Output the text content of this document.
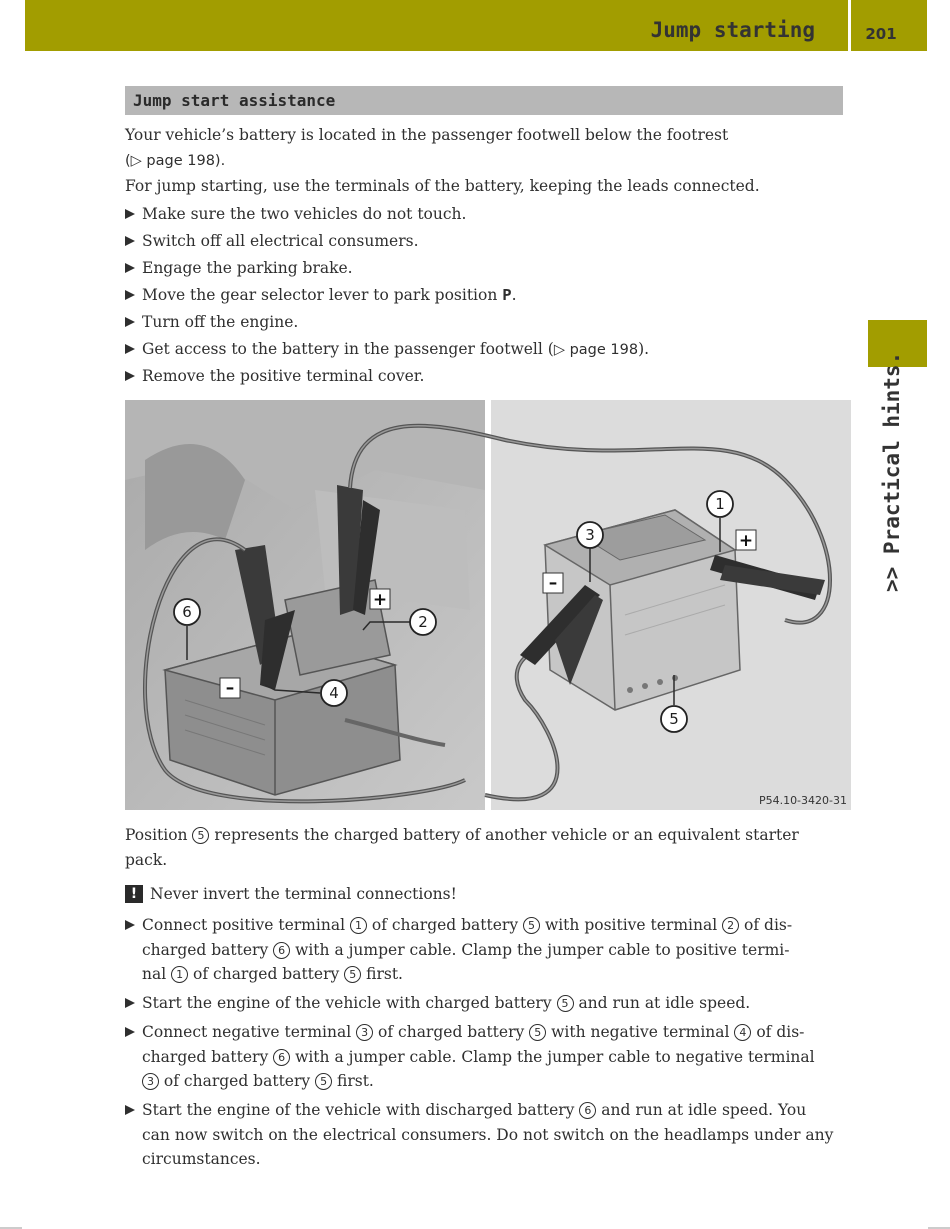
Jump starting	201
>> Practical hints.
Jump start assistance
Your vehicle’s battery is located in the passenger footwell below the footrest
(▷ page 198).
For jump starting, use the terminals of the battery, keeping the leads connected.
Make sure the two vehicles do not touch.
Switch off all electrical consumers.
Engage the parking brake.
Move the gear selector lever to park position P.
Turn off the engine.
Get access to the battery in the passenger footwell (▷ page 198).
Remove the positive terminal cover.
1
2
3
4
5
6
+
–
+
–
P54.10-3420-31
Position 5 represents the charged battery of another vehicle or an equivalent starter
pack.
! Never invert the terminal connections!
Connect positive terminal 1 of charged battery 5 with positive terminal 2 of dis-
charged battery 6 with a jumper cable. Clamp the jumper cable to positive termi-
nal 1 of charged battery 5 first.
Start the engine of the vehicle with charged battery 5 and run at idle speed.
Connect negative terminal 3 of charged battery 5 with negative terminal 4 of dis-
charged battery 6 with a jumper cable. Clamp the jumper cable to negative terminal
3 of charged battery 5 first.
Start the engine of the vehicle with discharged battery 6 and run at idle speed. You
can now switch on the electrical consumers. Do not switch on the headlamps under any
circumstances.
